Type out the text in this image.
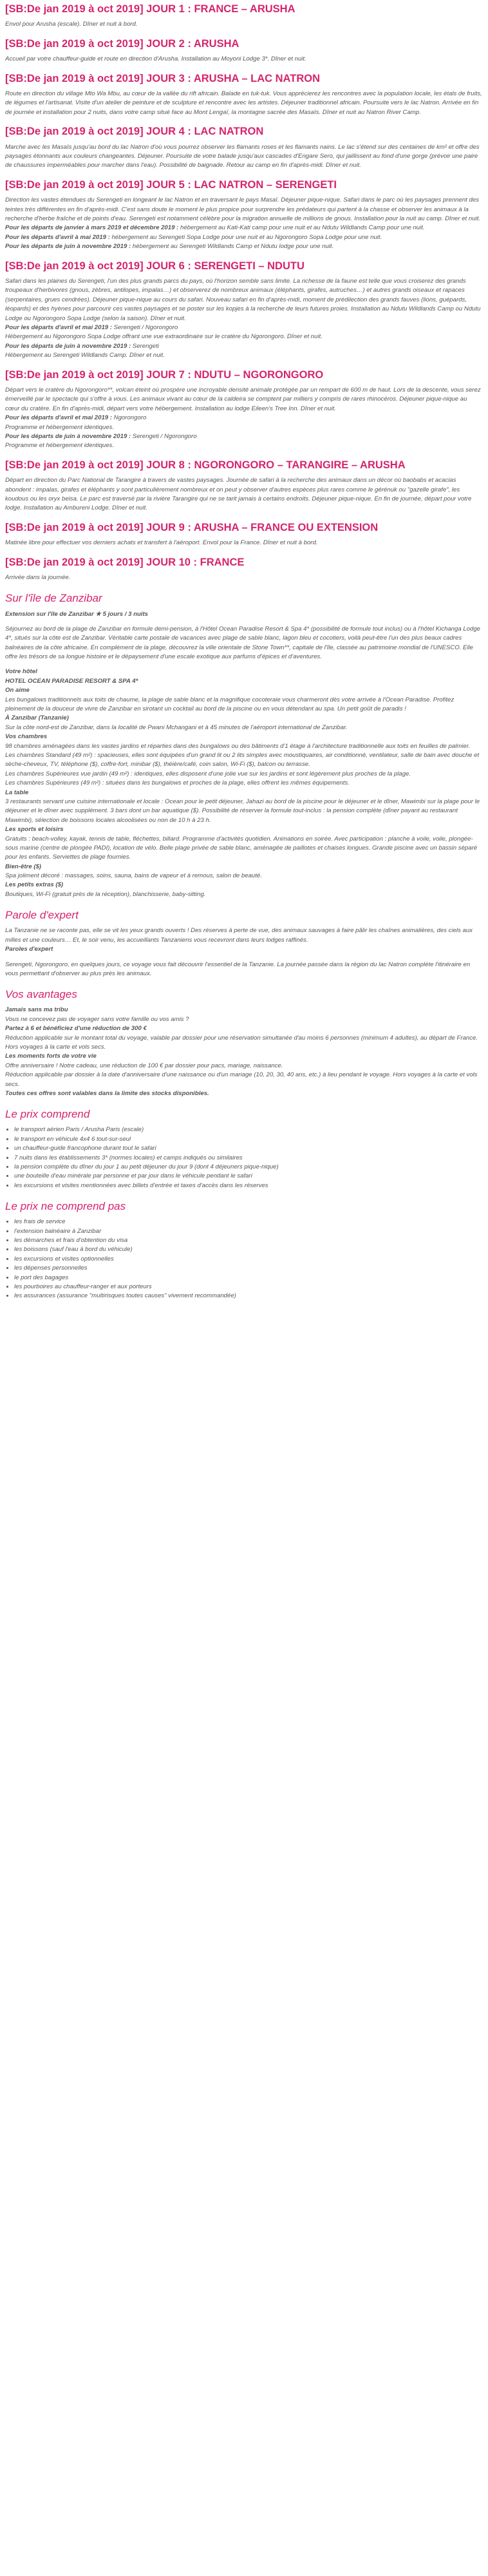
[SB:De jan 2019 à oct 2019] JOUR 1 : FRANCE – ARUSHA

Envol pour Arusha (escale). Dîner et nuit à bord.

[SB:De jan 2019 à oct 2019] JOUR 2 : ARUSHA

Accueil par votre chauffeur-guide et route en direction d'Arusha. Installation au Moyoni Lodge 3*. Dîner et nuit.

[SB:De jan 2019 à oct 2019] JOUR 3 : ARUSHA – LAC NATRON

Route en direction du village Mto Wa Mbu, au cœur de la vallée du rift africain. Balade en tuk-tuk. Vous apprécierez les rencontres avec la population locale, les étals de fruits, de légumes et l'artisanat. Visite d'un atelier de peinture et de sculpture et rencontre avec les artistes. Déjeuner traditionnel africain. Poursuite vers le lac Natron. Arrivée en fin de journée et installation pour 2 nuits, dans votre camp situé face au Mont Lengaï, la montagne sacrée des Masaïs. Dîner et nuit au Natron River Camp.

[SB:De jan 2019 à oct 2019] JOUR 4 : LAC NATRON

Marche avec les Masaïs jusqu'au bord du lac Natron d'où vous pourrez observer les flamants roses et les flamants nains. Le lac s'étend sur des centaines de km² et offre des paysages étonnants aux couleurs changeantes. Déjeuner. Poursuite de votre balade jusqu'aux cascades d'Engare Sero, qui jaillissent au fond d'une gorge (prévoir une paire de chaussures imperméables pour marcher dans l'eau). Possibilité de baignade. Retour au camp en fin d'après-midi. Dîner et nuit.

[SB:De jan 2019 à oct 2019] JOUR 5 : LAC NATRON – SERENGETI

Direction les vastes étendues du Serengeti en longeant le lac Natron et en traversant le pays Masaï. Déjeuner pique-nique. Safari dans le parc où les paysages prennent des teintes très différentes en fin d'après-midi. C'est sans doute le moment le plus propice pour surprendre les prédateurs qui partent à la chasse et observer les animaux à la recherche d'herbe fraîche et de points d'eau. Serengeti est notamment célèbre pour la migration annuelle de millions de gnous. Installation pour la nuit au camp. Dîner et nuit.
Pour les départs de janvier à mars 2019 et décembre 2019 : hébergement au Kati-Kati camp pour une nuit et au Ndutu Wildlands Camp pour une nuit.
Pour les départs d'avril à mai 2019 : hébergement au Serengeti Sopa Lodge pour une nuit et au Ngorongoro Sopa Lodge pour une nuit.
Pour les départs de juin à novembre 2019 : hébergement au Serengeti Wildlands Camp et Ndutu lodge pour une nuit.

[SB:De jan 2019 à oct 2019] JOUR 6 : SERENGETI – NDUTU

Safari dans les plaines du Serengeti, l'un des plus grands parcs du pays, où l'horizon semble sans limite. La richesse de la faune est telle que vous croiserez des grands troupeaux d'herbivores (gnous, zèbres, antilopes, impalas…) et observerez de nombreux animaux (éléphants, girafes, autruches…) et autres grands oiseaux et rapaces (serpentaires, grues cendrées). Déjeuner pique-nique au cours du safari. Nouveau safari en fin d'après-midi, moment de prédilection des grands fauves (lions, guépards, léopards) et des hyènes pour parcourir ces vastes paysages et se poster sur les kopjes à la recherche de leurs futures proies. Installation au Ndutu Wildlands Camp ou Ndutu Lodge ou Ngorongoro Sopa Lodge (selon la saison). Dîner et nuit.
Pour les départs d'avril et mai 2019 : Serengeti / Ngorongoro
Hébergement au Ngorongoro Sopa Lodge offrant une vue extraordinaire sur le cratère du Ngorongoro. Dîner et nuit.
Pour les départs de juin à novembre 2019 : Serengeti
Hébergement au Serengeti Wildlands Camp. Dîner et nuit.

[SB:De jan 2019 à oct 2019] JOUR 7 : NDUTU – NGORONGORO

Départ vers le cratère du Ngorongoro**, volcan éteint où prospère une incroyable densité animale protégée par un rempart de 600 m de haut. Lors de la descente, vous serez émerveillé par le spectacle qui s'offre à vous. Les animaux vivant au cœur de la caldeira se comptent par milliers y compris de rares rhinocéros. Déjeuner pique-nique au cœur du cratère. En fin d'après-midi, départ vers votre hébergement. Installation au lodge Eileen's Tree Inn. Dîner et nuit.
Pour les départs d'avril et mai 2019 : Ngorongoro
Programme et hébergement identiques.
Pour les départs de juin à novembre 2019 : Serengeti / Ngorongoro
Programme et hébergement identiques.

[SB:De jan 2019 à oct 2019] JOUR 8 : NGORONGORO – TARANGIRE – ARUSHA

Départ en direction du Parc National de Tarangire à travers de vastes paysages. Journée de safari à la recherche des animaux dans un décor où baobabs et acacias abondent : impalas, girafes et éléphants y sont particulièrement nombreux et on peut y observer d'autres espèces plus rares comme le gérénuk ou "gazelle girafe", les koudous ou les oryx beisa. Le parc est traversé par la rivière Tarangire qui ne se tarit jamais à certains endroits. Déjeuner pique-nique. En fin de journée, départ pour votre lodge. Installation au Ambureni Lodge. Dîner et nuit.

[SB:De jan 2019 à oct 2019] JOUR 9 : ARUSHA – FRANCE OU EXTENSION

Matinée libre pour effectuer vos derniers achats et transfert à l'aéroport. Envol pour la France. Dîner et nuit à bord.

[SB:De jan 2019 à oct 2019] JOUR 10 : FRANCE

Arrivée dans la journée.

Sur l'île de Zanzibar

Extension sur l'île de Zanzibar ★ 5 jours / 3 nuits

Séjournez au bord de la plage de Zanzibar en formule demi-pension, à l'Hôtel Ocean Paradise Resort & Spa 4* (possibilité de formule tout inclus) ou à l'hôtel Kichanga Lodge 4*, situés sur la côte est de Zanzibar. Véritable carte postale de vacances avec plage de sable blanc, lagon bleu et cocotiers, voilà peut-être l'un des plus beaux cadres balnéaires de la côte africaine. En complément de la plage, découvrez la ville orientale de Stone Town**, capitale de l'île, classée au patrimoine mondial de l'UNESCO. Elle offre les trésors de sa longue histoire et le dépaysement d'une escale exotique aux parfums d'épices et d'aventures.

Votre hôtel
HOTEL OCEAN PARADISE RESORT & SPA 4*
On aime
Les bungalows traditionnels aux toits de chaume, la plage de sable blanc et la magnifique cocoteraie vous charmeront dès votre arrivée à l'Ocean Paradise. Profitez pleinement de la douceur de vivre de Zanzibar en sirotant un cocktail au bord de la piscine ou en vous détendant au spa. Un petit goût de paradis !
À Zanzibar (Tanzanie)
Sur la côte nord-est de Zanzibar, dans la localité de Pwani Mchangani et à 45 minutes de l'aéroport international de Zanzibar.
Vos chambres
98 chambres aménagées dans les vastes jardins et réparties dans des bungalows ou des bâtiments d'1 étage à l'architecture traditionnelle aux toits en feuilles de palmier.
Les chambres Standard (49 m²) : spacieuses, elles sont équipées d'un grand lit ou 2 lits simples avec moustiquaires, air conditionné, ventilateur, salle de bain avec douche et sèche-cheveux, TV, téléphone ($), coffre-fort, minibar ($), théière/café, coin salon, Wi-Fi ($), balcon ou terrasse.
Les chambres Supérieures vue jardin (49 m²) : identiques, elles disposent d'une jolie vue sur les jardins et sont légèrement plus proches de la plage.
Les chambres Supérieures (49 m²) : situées dans les bungalows et proches de la plage, elles offrent les mêmes équipements.
La table
3 restaurants servant une cuisine internationale et locale : Ocean pour le petit déjeuner, Jahazi au bord de la piscine pour le déjeuner et le dîner, Mawimbi sur la plage pour le déjeuner et le dîner avec supplément. 3 bars dont un bar aquatique ($). Possibilité de réserver la formule tout-inclus : la pension complète (dîner payant au restaurant Mawimbi), sélection de boissons locales alcoolisées ou non de 10 h à 23 h.
Les sports et loisirs
Gratuits : beach-volley, kayak, tennis de table, fléchettes, billard. Programme d'activités quotidien. Animations en soirée. Avec participation : planche à voile, voile, plongée-sous marine (centre de plongée PADI), location de vélo. Belle plage privée de sable blanc, aménagée de paillotes et chaises longues. Grande piscine avec un bassin séparé pour les enfants. Serviettes de plage fournies.
Bien-être ($)
Spa joliment décoré : massages, soins, sauna, bains de vapeur et à remous, salon de beauté.
Les petits extras ($)
Boutiques, Wi-Fi (gratuit près de la réception), blanchisserie, baby-sitting.

Parole d'expert

La Tanzanie ne se raconte pas, elle se vit les yeux grands ouverts ! Des réserves à perte de vue, des animaux sauvages à faire pâlir les chaînes animalières, des ciels aux milles et une couleurs… Et, le soir venu, les accueillants Tanzaniens vous recevront dans leurs lodges raffinés.
Paroles d'expert

Serengeti, Ngorongoro, en quelques jours, ce voyage vous fait découvrir l'essentiel de la Tanzanie. La journée passée dans la région du lac Natron complète l'itinéraire en vous permettant d'observer au plus près les animaux.

Vos avantages

Jamais sans ma tribu
Vous ne concevez pas de voyager sans votre famille ou vos amis ?
Partez à 6 et bénéficiez d'une réduction de 300 €
Réduction applicable sur le montant total du voyage, valable par dossier pour une réservation simultanée d'au moins 6 personnes (minimum 4 adultes), au départ de France. Hors voyages à la carte et vols secs.
Les moments forts de votre vie
Offre anniversaire ! Notre cadeau, une réduction de 100 € par dossier pour pacs, mariage, naissance.
Réduction applicable par dossier à la date d'anniversaire d'une naissance ou d'un mariage (10, 20, 30, 40 ans, etc.) à lieu pendant le voyage. Hors voyages à la carte et vols secs.
Toutes ces offres sont valables dans la limite des stocks disponibles.

Le prix comprend
• le transport aérien Paris / Arusha Paris (escale)
• le transport en véhicule 4x4 6 tout-sur-seul
• un chauffeur-guide francophone durant tout le safari
• 7 nuits dans les établissements 3* (normes locales) et camps indiqués ou similaires
• la pension complète du dîner du jour 1 au petit déjeuner du jour 9 (dont 4 déjeuners pique-nique)
• une bouteille d'eau minérale par personne et par jour dans le véhicule pendant le safari
• les excursions et visites mentionnées avec billets d'entrée et taxes d'accès dans les réserves
Le prix ne comprend pas
• les frais de service
• l'extension balnéaire à Zanzibar
• les démarches et frais d'obtention du visa
• les boissons (sauf l'eau à bord du véhicule)
• les excursions et visites optionnelles
• les dépenses personnelles
• le port des bagages
• les pourboires au chauffeur-ranger et aux porteurs
• les assurances (assurance "multirisques toutes causes" vivement recommandée)
